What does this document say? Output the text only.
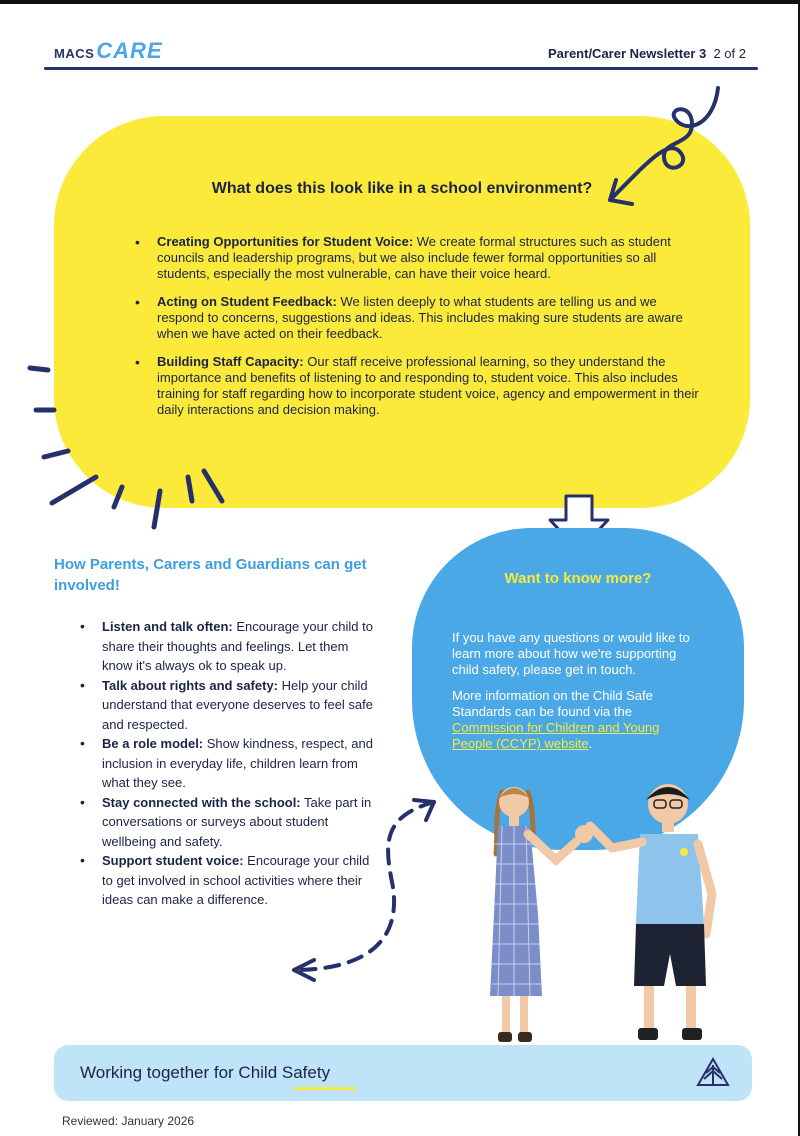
MACS CARE	Parent/Carer Newsletter 3 2 of 2
What does this look like in a school environment?
• Creating Opportunities for Student Voice: We create formal structures such as student councils and leadership programs, but we also include fewer formal opportunities so all students, especially the most vulnerable, can have their voice heard.
• Acting on Student Feedback: We listen deeply to what students are telling us and we respond to concerns, suggestions and ideas. This includes making sure students are aware when we have acted on their feedback.
• Building Staff Capacity: Our staff receive professional learning, so they understand the importance and benefits of listening to and responding to, student voice. This also includes training for staff regarding how to incorporate student voice, agency and empowerment in their daily interactions and decision making.
How Parents, Carers and Guardians can get involved!
• Listen and talk often: Encourage your child to share their thoughts and feelings. Let them know it's always ok to speak up.
• Talk about rights and safety: Help your child understand that everyone deserves to feel safe and respected.
• Be a role model: Show kindness, respect, and inclusion in everyday life, children learn from what they see.
• Stay connected with the school: Take part in conversations or surveys about student wellbeing and safety.
• Support student voice: Encourage your child to get involved in school activities where their ideas can make a difference.
Want to know more?

If you have any questions or would like to learn more about how we're supporting child safety, please get in touch.

More information on the Child Safe Standards can be found via the Commission for Children and Young People (CCYP) website.

Working together for Child Safety
Reviewed: January 2026
